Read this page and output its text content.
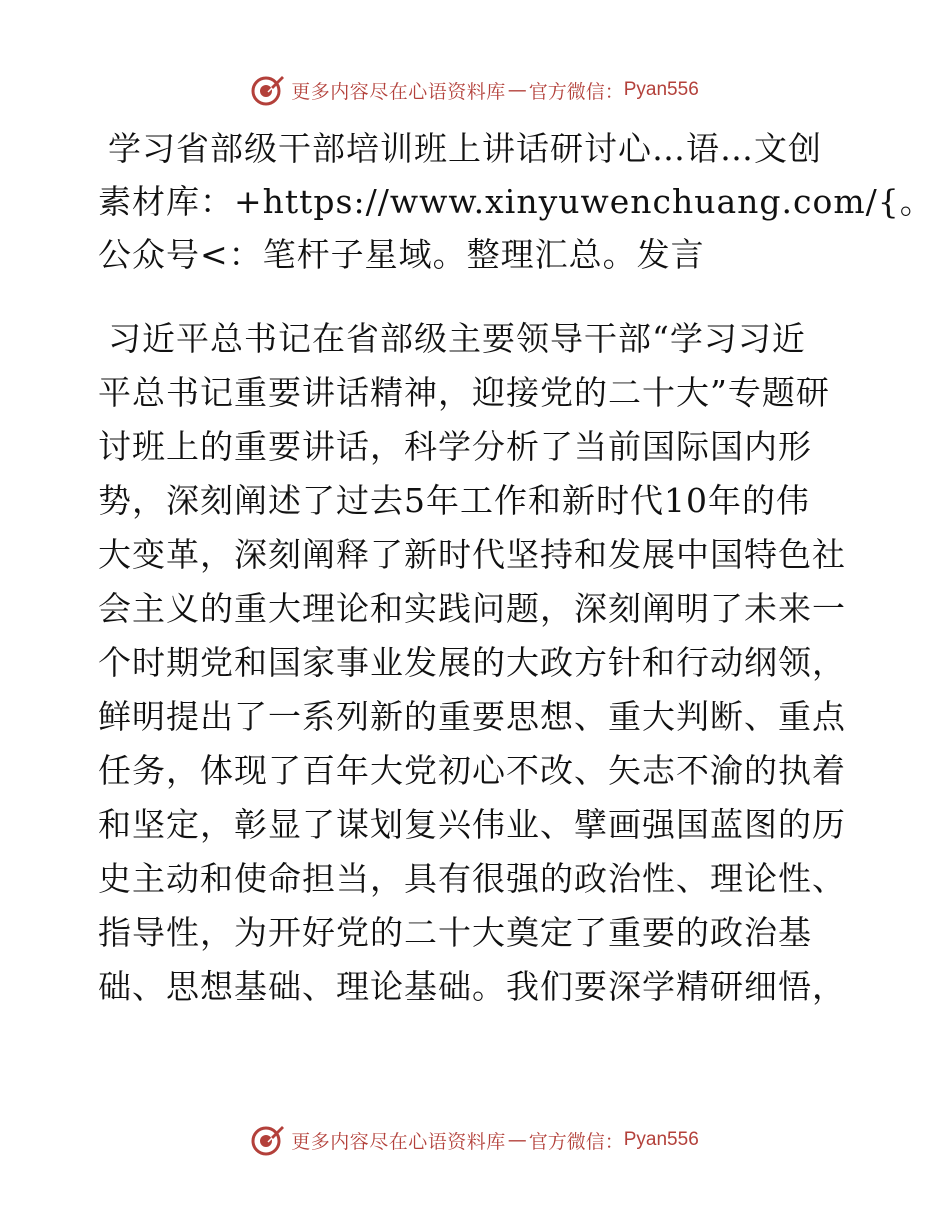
更多内容尽在心语资料库 — 官方微信： Pyan556
学习省部级干部培训班上讲话研讨心…语…文创
素材库：+https://www.xinyuwenchuang.com/{。
公众号<：笔杆子星域。整理汇总。发言
习近平总书记在省部级主要领导干部“学习习近
平总书记重要讲话精神，迎接党的二十大”专题研
讨班上的重要讲话，科学分析了当前国际国内形
势，深刻阐述了过去5年工作和新时代10年的伟
大变革，深刻阐释了新时代坚持和发展中国特色社
会主义的重大理论和实践问题，深刻阐明了未来一
个时期党和国家事业发展的大政方针和行动纲领，
鲜明提出了一系列新的重要思想、重大判断、重点
任务，体现了百年大党初心不改、矢志不渝的执着
和坚定，彰显了谋划复兴伟业、擘画强国蓝图的历
史主动和使命担当，具有很强的政治性、理论性、
指导性，为开好党的二十大奠定了重要的政治基
础、思想基础、理论基础。我们要深学精研细悟，
更多内容尽在心语资料库 — 官方微信： Pyan556
